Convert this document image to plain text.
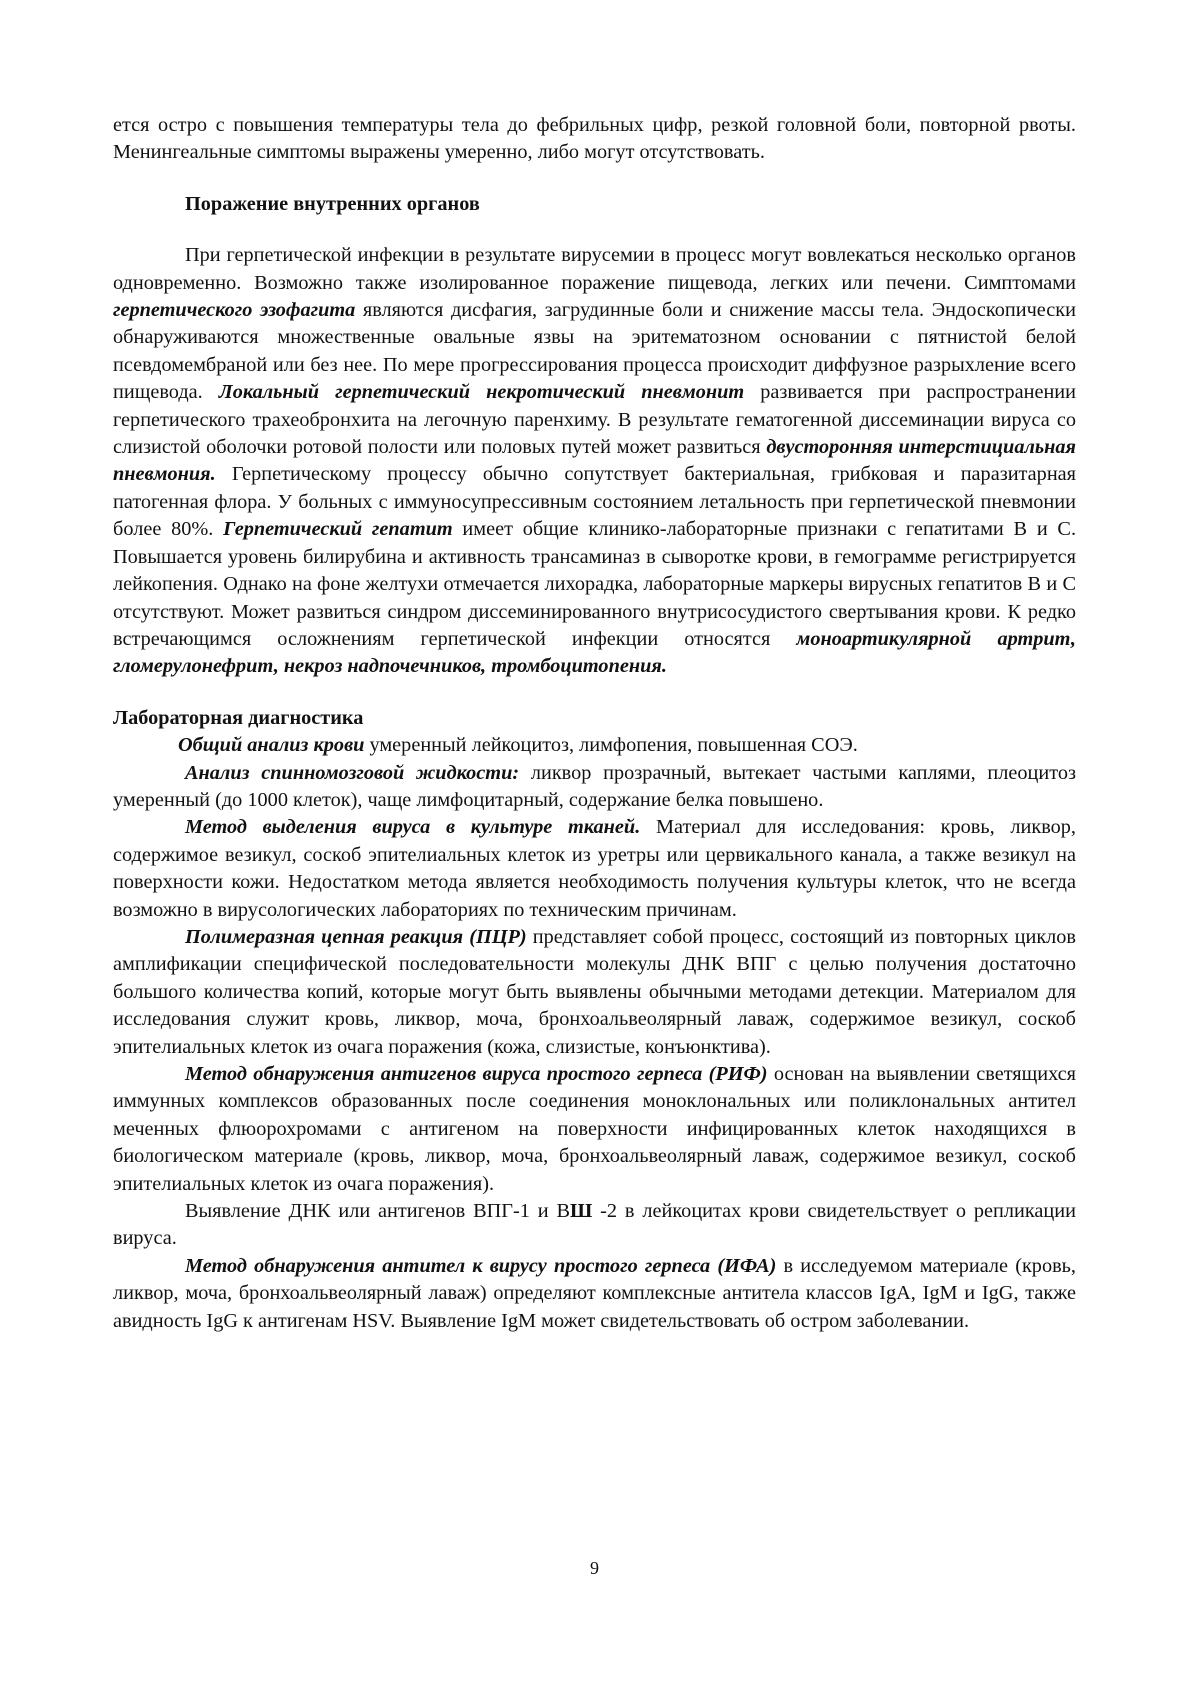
ется остро с повышения температуры тела до фебрильных цифр, резкой головной боли, повторной рвоты. Менингеальные симптомы выражены умеренно, либо могут отсутствовать.

Поражение внутренних органов

При герпетической инфекции в результате вирусемии в процесс могут вовлекаться несколько органов одновременно. Возможно также изолированное поражение пищевода, легких или печени. Симптомами герпетического эзофагита являются дисфагия, загрудинные боли и снижение массы тела. Эндоскопически обнаруживаются множественные овальные язвы на эритематозном основании с пятнистой белой псевдомембраной или без нее. По мере прогрессирования процесса происходит диффузное разрыхление всего пищевода. Локальный герпетический некротический пневмонит развивается при распространении герпетического трахеобронхита на легочную паренхиму. В результате гематогенной диссеминации вируса со слизистой оболочки ротовой полости или половых путей может развиться двусторонняя интерстициальная пневмония. Герпетическому процессу обычно сопутствует бактериальная, грибковая и паразитарная патогенная флора. У больных с иммуносупрессивным состоянием летальность при герпетической пневмонии более 80%. Герпетический гепатит имеет общие клинико-лабораторные признаки с гепатитами В и С. Повышается уровень билирубина и активность трансаминаз в сыворотке крови, в гемограмме регистрируется лейкопения. Однако на фоне желтухи отмечается лихорадка, лабораторные маркеры вирусных гепатитов В и С отсутствуют. Может развиться синдром диссеминированного внутрисосудистого свертывания крови. К редко встречающимся осложнениям герпетической инфекции относятся моноартикулярной артрит, гломерулонефрит, некроз надпочечников, тромбоцитопения.

Лабораторная диагностика

Общий анализ крови умеренный лейкоцитоз, лимфопения, повышенная СОЭ.

Анализ спинномозговой жидкости: ликвор прозрачный, вытекает частыми каплями, плеоцитоз умеренный (до 1000 клеток), чаще лимфоцитарный, содержание белка повышено.

Метод выделения вируса в культуре тканей. Материал для исследования: кровь, ликвор, содержимое везикул, соскоб эпителиальных клеток из уретры или цервикального канала, а также везикул на поверхности кожи. Недостатком метода является необходимость получения культуры клеток, что не всегда возможно в вирусологических лабораториях по техническим причинам.

Полимеразная цепная реакция (ПЦР) представляет собой процесс, состоящий из повторных циклов амплификации специфической последовательности молекулы ДНК ВПГ с целью получения достаточно большого количества копий, которые могут быть выявлены обычными методами детекции. Материалом для исследования служит кровь, ликвор, моча, бронхоальвеолярный лаваж, содержимое везикул, соскоб эпителиальных клеток из очага поражения (кожа, слизистые, конъюнктива).

Метод обнаружения антигенов вируса простого герпеса (РИФ) основан на выявлении светящихся иммунных комплексов образованных после соединения моноклональных или поликлональных антител меченных флюорохромами с антигеном на поверхности инфицированных клеток находящихся в биологическом материале (кровь, ликвор, моча, бронхоальвеолярный лаваж, содержимое везикул, соскоб эпителиальных клеток из очага поражения).

Выявление ДНК или антигенов ВПГ-1 и ВШ -2 в лейкоцитах крови свидетельствует о репликации вируса.

Метод обнаружения антител к вирусу простого герпеса (ИФА) в исследуемом материале (кровь, ликвор, моча, бронхоальвеолярный лаваж) определяют комплексные антитела классов IgA, IgM и IgG, также авидность IgG к антигенам HSV. Выявление IgM может свидетельствовать об остром заболевании.

9
